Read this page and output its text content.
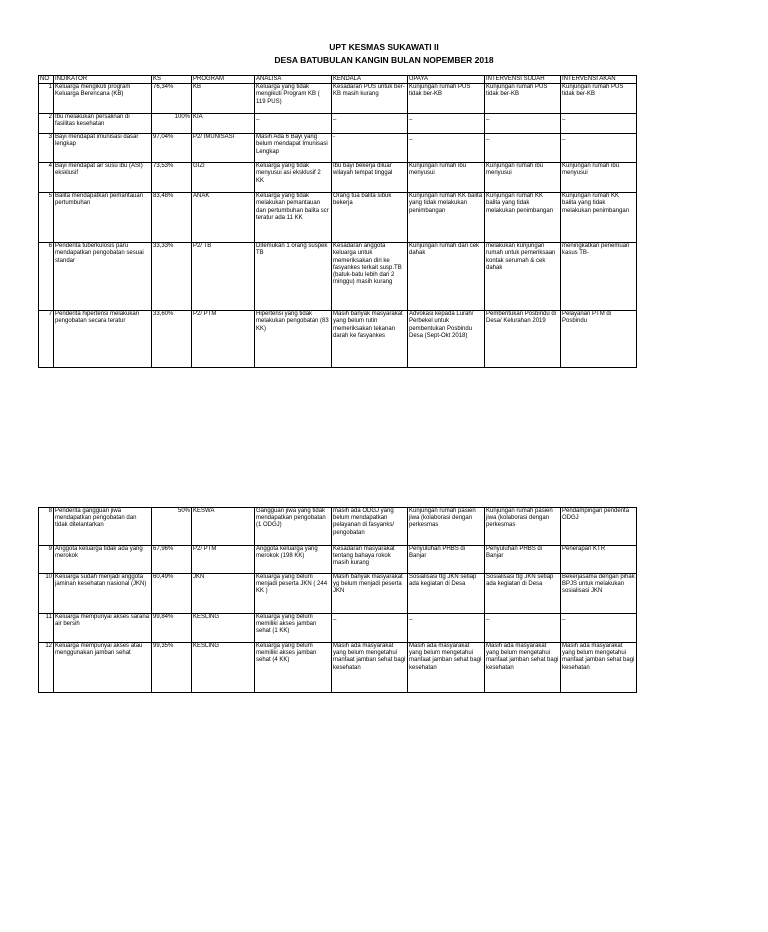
UPT KESMAS SUKAWATI II
DESA BATUBULAN KANGIN BULAN NOPEMBER 2018
NO	INDIKATOR	KS	PROGRAM	ANALISA	KENDALA	UPAYA	INTERVENSI SUDAH	INTERVENSI AKAN
1	Keluarga mengikuti program Keluarga Berencana (KB)	76,34%	KB	Keluarga yang tidak mengikuti Program KB ( 119 PUS)	Kesadaran PUS untuk ber-KB masih kurang	Kunjungan rumah PUS tidak ber-KB	Kunjungan rumah PUS tidak ber-KB	Kunjungan rumah PUS tidak ber-KB
2	Ibu melakukan persalinan di fasilitas kesehatan	100%	KIA	_	_	_	_	_
3	Bayi mendapat imunisasi dasar lengkap	97,04%	P2/ IMUNISASI	Masih Ada 6 Bayi yang belum mendapat Imunisasi Lengkap	-	_	_	_
4	Bayi mendapat air susu ibu (ASI) eksklusif	73,53%	GIZI	Keluarga yang tidak menyusui asi eksklusif 2 KK	Ibu bayi bekerja diluar wilayah tempat tinggal	Kunjungan rumah ibu menyusui	Kunjungan rumah ibu menyusui	Kunjungan rumah ibu menyusui
5	Balita mendapatkan pemantauan pertumbuhan	83,48%	ANAK	Keluarga yang tidak melakukan pemantauan dan pertumbuhan balita scr teratur ada 11 KK	Orang tua balita sibuk bekerja	Kunjungan rumah KK balita yang tidak melakukan penimbangan	Kunjungan rumah KK balita yang tidak melakukan penimbangan	Kunjungan rumah KK balita yang tidak melakukan penimbangan
6	Penderita tuberkulosis paru mendapatkan pengobatan sesuai standar	33,33%	P2/ TB	Ditemukan 1 orang suspek TB	Kesadaran anggota keluarga untuk memeriksakan diri ke fasyankes terkait susp.TB (batuk-batu lebih dari 2 minggu) masih kurang	Kunjungan rumah dan cek dahak	melakukan kunjungan rumah untuk pemeriksaan kontak serumah & cek dahak	meningkatkan penemuan kasus TB-
7	Penderita hipertensi melakukan pengobatan secara teratur	33,60%	P2/ PTM	Hipertensi yang tidak melakukan pengobatan (83 KK)	Masih banyak masyarakat yang belum rutin memeriksakan tekanan darah ke fasyankes	Advokasi kepada Lurah/ Perbekel untuk pembentukan Posbindu Desa (Sept-Okt 2018)	Pembentukan Posbindu di Desa/ Kelurahan 2019	Pelayanan PTM di Posbindu
8	Penderita gangguan jiwa mendapatkan pengobatan dan tidak ditelantarkan	50%	KESWA	Gangguan jiwa yang tidak mendapatkan pengobatan (1 ODGJ)	masih ada ODGJ yang belum mendapatkan pelayanan di fasyanks/ pengobatan	Kunjungan rumah pasien jiwa (kolaborasi dengan perkesmas	Kunjungan rumah pasien jiwa (kolaborasi dengan perkesmas	Pendampingan penderita ODGJ
9	Anggota keluarga tidak ada yang merokok	67,96%	P2/ PTM	Anggota keluarga yang merokok (198 KK)	Kesadaran masyarakat tentang bahaya rokok masih kurang	Penyuluhan PHBS di Banjar	Penyuluhan PHBS di Banjar	Penerapan KTR
10	Keluarga sudah menjadi anggota jaminan kesehatan nasional (JKN)	60,49%	JKN	Keluarga yang belum menjadi peserta JKN ( 244 KK )	Masih banyak masyarakat yg belum menjadi peserta JKN	Sosialisasi ttg JKN setiap ada kegiatan di Desa	Sosialisasi ttg JKN setiap ada kegiatan di Desa	Bekerjasama dengan pihak BPJS untuk melakukan sosialisasi JKN
11	Keluarga mempunyai akses sarana air bersih	99,84%	KESLING	Keluarga yang belum memiliki akses jamban sehat (1 KK)	_	_	_	_
12	Keluarga mempunyai akses atau menggunakan jamban sehat	99,35%	KESLING	Keluarga yang belum memiliki akses jamban sehat (4 KK)	Masih ada masyarakat yang belum mengetahui manfaat jamban sehat bagi kesehatan	Masih ada masyarakat yang belum mengetahui manfaat jamban sehat bagi kesehatan	Masih ada masyarakat yang belum mengetahui manfaat jamban sehat bagi kesehatan	Masih ada masyarakat yang belum mengetahui manfaat jamban sehat bagi kesehatan
